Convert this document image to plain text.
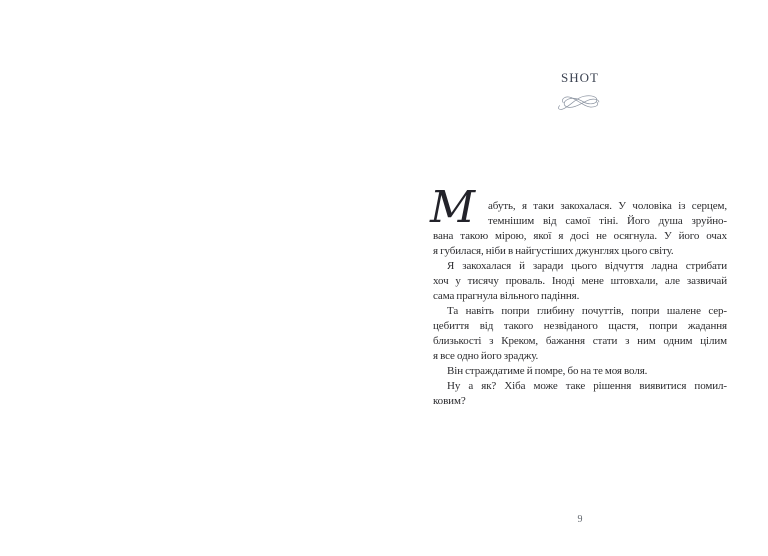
SHOT
М	абуть, я таки закохалася. У чоловіка із серцем,
темнішим від самої тіні. Його душа зруйно-
вана такою мірою, якої я досі не осягнула. У його очах
я губилася, ніби в найгустіших джунглях цього світу.
Я закохалася й заради цього відчуття ладна стрибати
хоч у тисячу проваль. Іноді мене штовхали, але зазвичай
сама прагнула вільного падіння.
Та навіть попри глибину почуттів, попри шалене сер-
цебиття від такого незвіданого щастя, попри жадання
близькості з Креком, бажання стати з ним одним цілим
я все одно його зраджу.
Він страждатиме й помре, бо на те моя воля.
Ну а як? Хіба може таке рішення виявитися помил-
ковим?
9
